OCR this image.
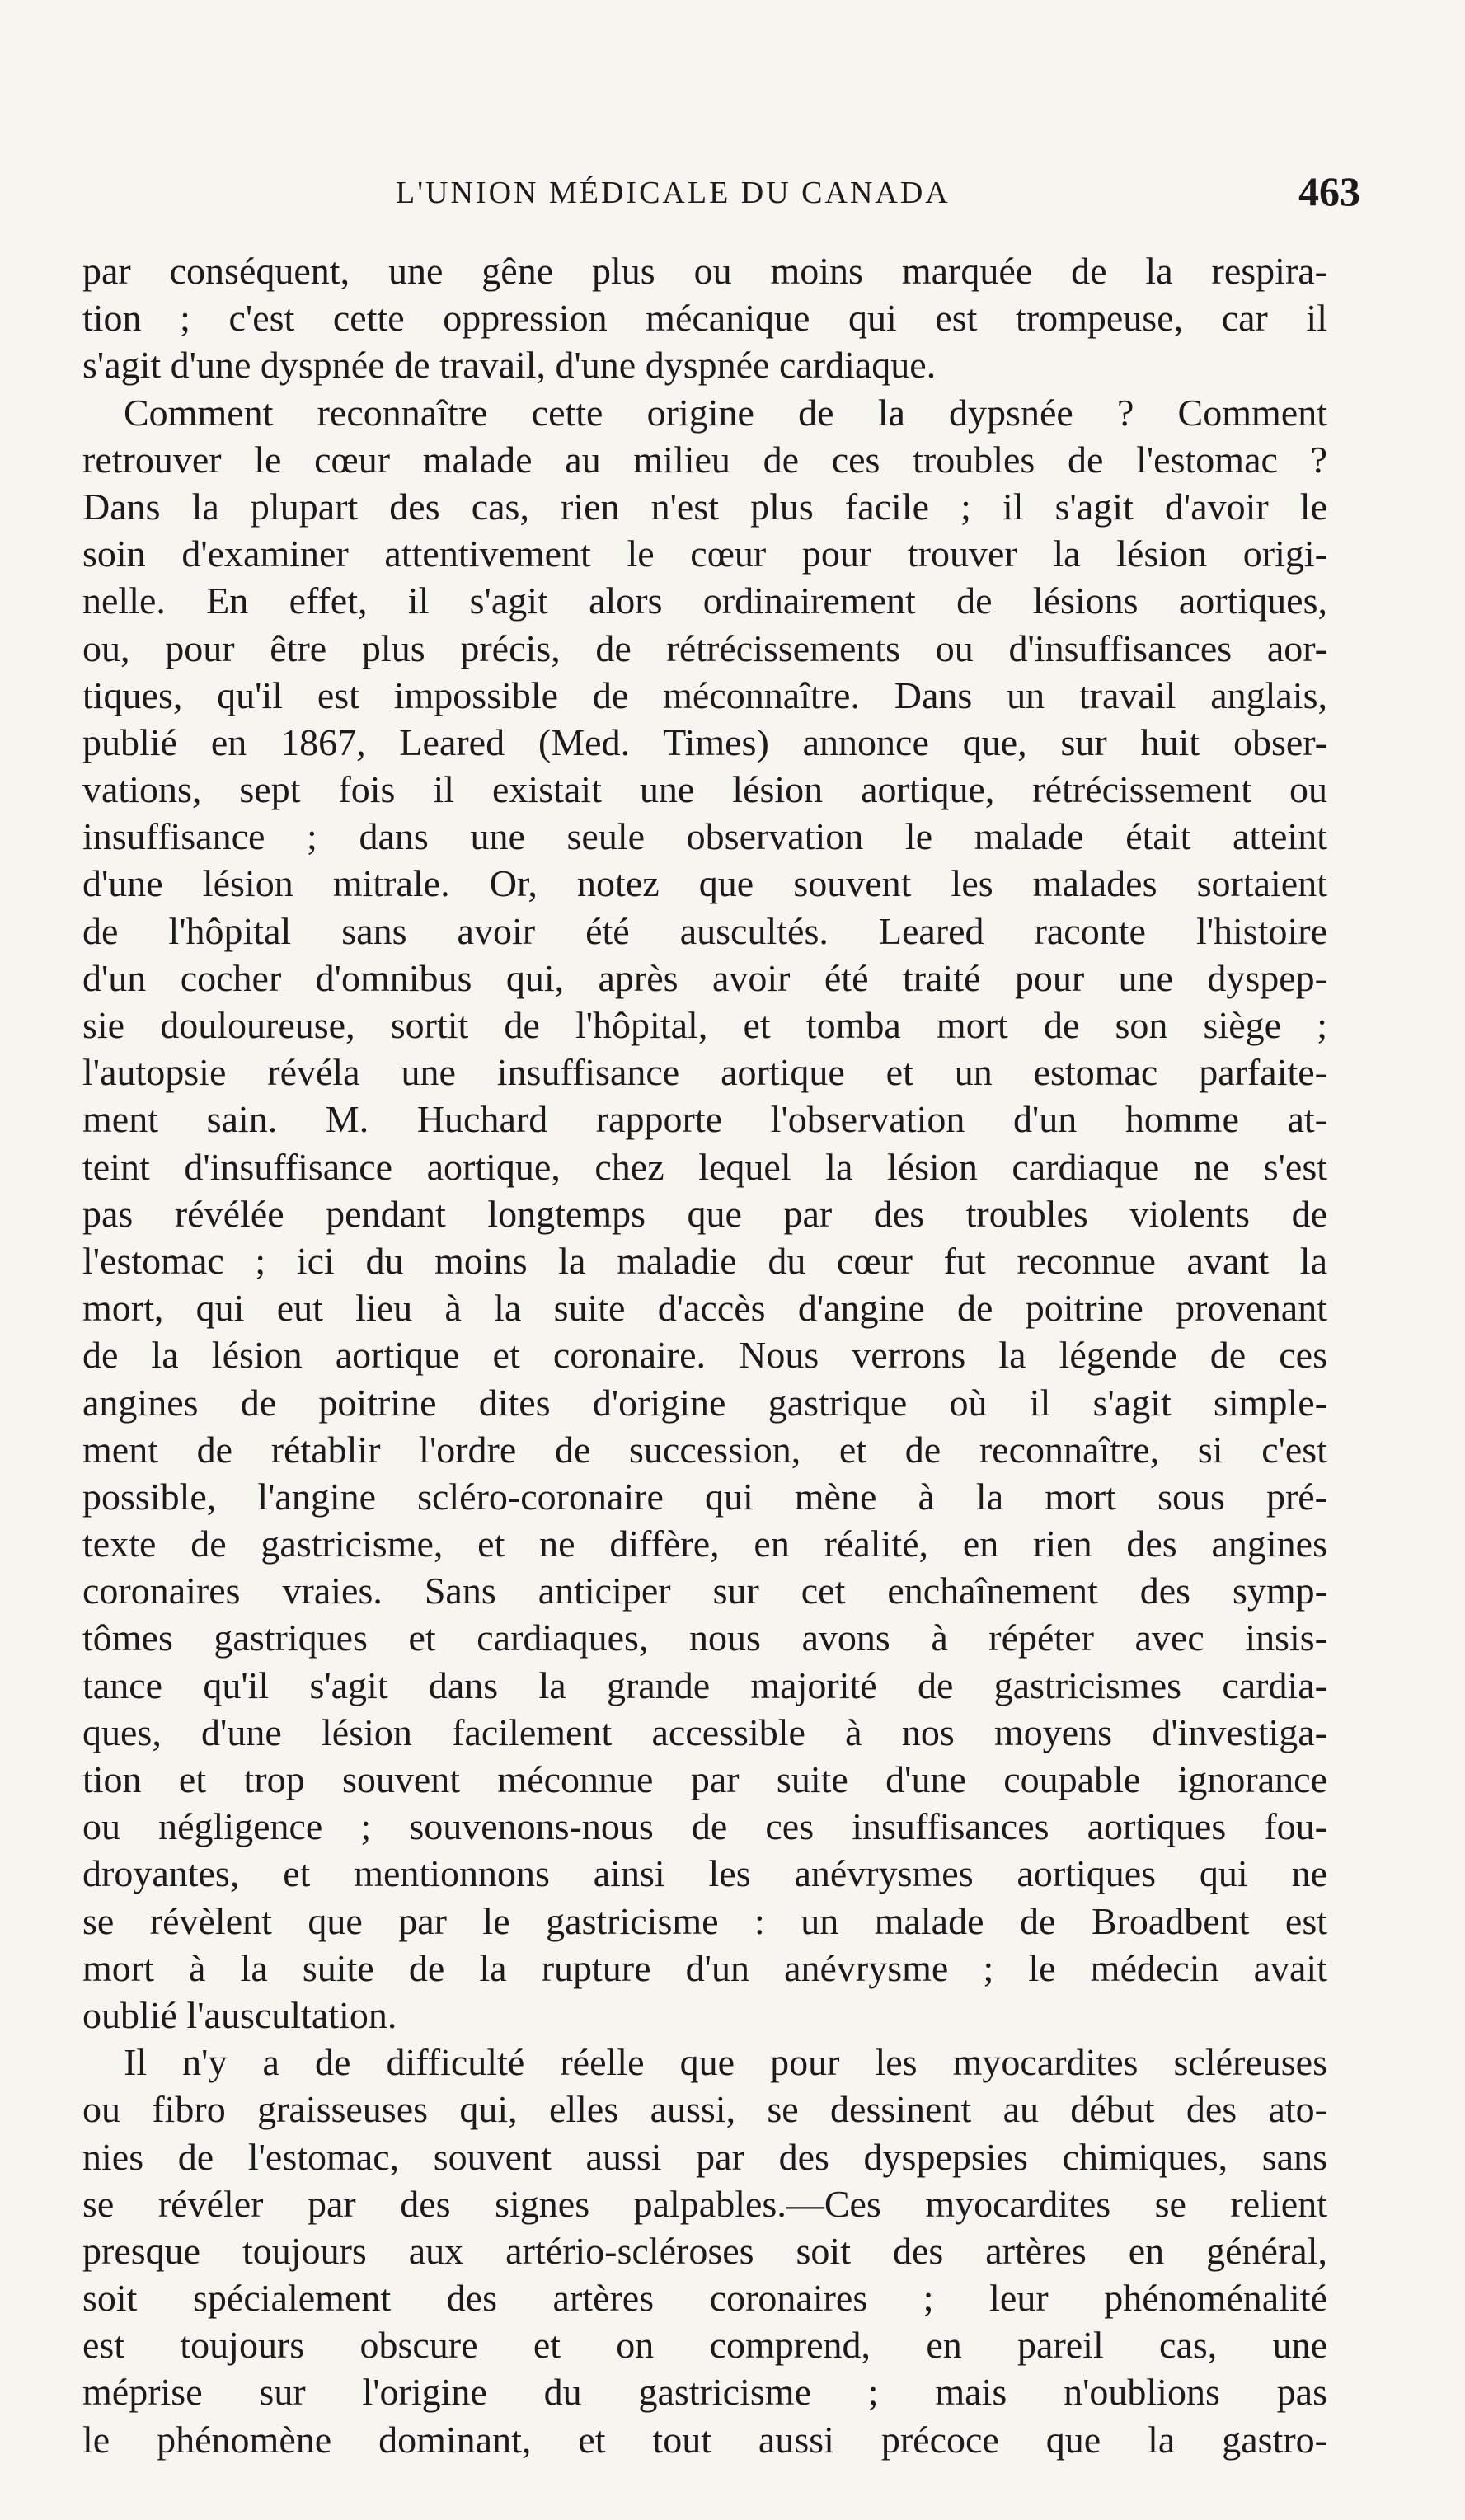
L'UNION MÉDICALE DU CANADA	463
par conséquent, une gêne plus ou moins marquée de la respira-
tion ; c'est cette oppression mécanique qui est trompeuse, car il
s'agit d'une dyspnée de travail, d'une dyspnée cardiaque.
Comment reconnaître cette origine de la dypsnée ? Comment
retrouver le cœur malade au milieu de ces troubles de l'estomac ?
Dans la plupart des cas, rien n'est plus facile ; il s'agit d'avoir le
soin d'examiner attentivement le cœur pour trouver la lésion origi-
nelle. En effet, il s'agit alors ordinairement de lésions aortiques,
ou, pour être plus précis, de rétrécissements ou d'insuffisances aor-
tiques, qu'il est impossible de méconnaître. Dans un travail anglais,
publié en 1867, Leared (Med. Times) annonce que, sur huit obser-
vations, sept fois il existait une lésion aortique, rétrécissement ou
insuffisance ; dans une seule observation le malade était atteint
d'une lésion mitrale. Or, notez que souvent les malades sortaient
de l'hôpital sans avoir été auscultés. Leared raconte l'histoire
d'un cocher d'omnibus qui, après avoir été traité pour une dyspep-
sie douloureuse, sortit de l'hôpital, et tomba mort de son siège ;
l'autopsie révéla une insuffisance aortique et un estomac parfaite-
ment sain. M. Huchard rapporte l'observation d'un homme at-
teint d'insuffisance aortique, chez lequel la lésion cardiaque ne s'est
pas révélée pendant longtemps que par des troubles violents de
l'estomac ; ici du moins la maladie du cœur fut reconnue avant la
mort, qui eut lieu à la suite d'accès d'angine de poitrine provenant
de la lésion aortique et coronaire. Nous verrons la légende de ces
angines de poitrine dites d'origine gastrique où il s'agit simple-
ment de rétablir l'ordre de succession, et de reconnaître, si c'est
possible, l'angine scléro-coronaire qui mène à la mort sous pré-
texte de gastricisme, et ne diffère, en réalité, en rien des angines
coronaires vraies. Sans anticiper sur cet enchaînement des symp-
tômes gastriques et cardiaques, nous avons à répéter avec insis-
tance qu'il s'agit dans la grande majorité de gastricismes cardia-
ques, d'une lésion facilement accessible à nos moyens d'investiga-
tion et trop souvent méconnue par suite d'une coupable ignorance
ou négligence ; souvenons-nous de ces insuffisances aortiques fou-
droyantes, et mentionnons ainsi les anévrysmes aortiques qui ne
se révèlent que par le gastricisme : un malade de Broadbent est
mort à la suite de la rupture d'un anévrysme ; le médecin avait
oublié l'auscultation.
Il n'y a de difficulté réelle que pour les myocardites scléreuses
ou fibro graisseuses qui, elles aussi, se dessinent au début des ato-
nies de l'estomac, souvent aussi par des dyspepsies chimiques, sans
se révéler par des signes palpables.—Ces myocardites se relient
presque toujours aux artério-scléroses soit des artères en général,
soit spécialement des artères coronaires ; leur phénoménalité
est toujours obscure et on comprend, en pareil cas, une
méprise sur l'origine du gastricisme ; mais n'oublions pas
le phénomène dominant, et tout aussi précoce que la gastro-
